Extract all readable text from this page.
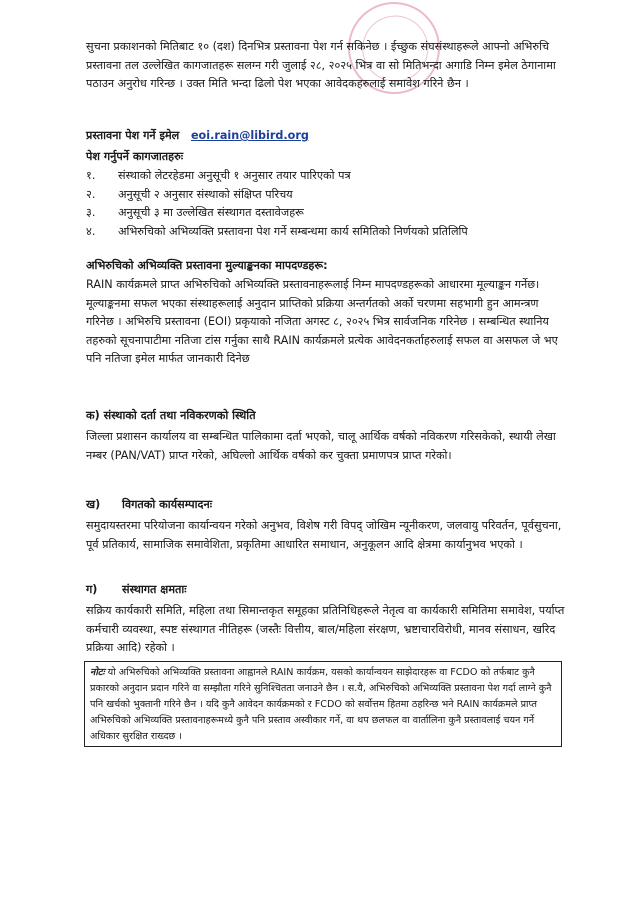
सुचना प्रकाशनको मितिबाट १० (दश) दिनभित्र प्रस्तावना पेश गर्न सकिनेछ । ईच्छुक संघसंस्थाहरूले आफ्नो अभिरुचि प्रस्तावना तल उल्लेखित कागजातहरू सलग्न गरी जुलाई २८, २०२५ भित्र वा सो मितिभन्दा अगाडि निम्न इमेल ठेगानामा पठाउन अनुरोध गरिन्छ । उक्त मिति भन्दा ढिलो पेश भएका आवेदकहरुलाई समावेश गरिने छैन ।

प्रस्तावना पेश गर्ने इमेल eoi.rain@libird.org

पेश गर्नुपर्ने कागजातहरुः

१. संस्थाको लेटरहेडमा अनुसूची १ अनुसार तयार पारिएको पत्र
२. अनुसूची २ अनुसार संस्थाको संक्षिप्त परिचय
३. अनुसूची ३ मा उल्लेखित संस्थागत दस्तावेजहरू
४. अभिरुचिको अभिव्यक्ति प्रस्तावना पेश गर्ने सम्बन्धमा कार्य समितिको निर्णयको प्रतिलिपि

अभिरुचिको अभिव्यक्ति प्रस्तावना मुल्याङ्कनका मापदण्डहरू:

RAIN कार्यक्रमले प्राप्त अभिरुचिको अभिव्यक्ति प्रस्तावनाहरूलाई निम्न मापदण्डहरूको आधारमा मूल्याङ्कन गर्नेछ। मूल्याङ्कनमा सफल भएका संस्थाहरूलाई अनुदान प्राप्तिको प्रक्रिया अन्तर्गतको अर्को चरणमा सहभागी हुन आमन्त्रण गरिनेछ । अभिरुचि प्रस्तावना (EOI) प्रकृयाको नजिता अगस्ट ८, २०२५ भित्र सार्वजनिक गरिनेछ । सम्बन्धित स्थानिय तहरुको सूचनापाटीमा नतिजा टांस गर्नुका साथै RAIN कार्यक्रमले प्रत्येक आवेदनकर्ताहरुलाई सफल वा असफल जे भए पनि नतिजा इमेल मार्फत जानकारी दिनेछ

क) संस्थाको दर्ता तथा नविकरणको स्थिति

जिल्ला प्रशासन कार्यालय वा सम्बन्धित पालिकामा दर्ता भएको, चालू आर्थिक वर्षको नविकरण गरिसकेको, स्थायी लेखा नम्बर (PAN/VAT) प्राप्त गरेको, अघिल्लो आर्थिक वर्षको कर चुक्ता प्रमाणपत्र प्राप्त गरेको।

ख) विगतको कार्यसम्पादनः

समुदायस्तरमा परियोजना कार्यान्वयन गरेको अनुभव, विशेष गरी विपद् जोखिम न्यूनीकरण, जलवायु परिवर्तन, पूर्वसुचना, पूर्व प्रतिकार्य, सामाजिक समावेशिता, प्रकृतिमा आधारित समाधान, अनुकूलन आदि क्षेत्रमा कार्यानुभव भएको ।

ग) संस्थागत क्षमताः

सक्रिय कार्यकारी समिति, महिला तथा सिमान्तकृत समूहका प्रतिनिधिहरूले नेतृत्व वा कार्यकारी समितिमा समावेश, पर्याप्त कर्मचारी व्यवस्था, स्पष्ट संस्थागत नीतिहरू (जस्तैः वित्तीय, बाल/महिला संरक्षण, भ्रष्टाचारविरोधी, मानव संसाधन, खरिद प्रक्रिया आदि) रहेको ।

नोटः यो अभिरुचिको अभिव्यक्ति प्रस्तावना आह्वानले RAIN कार्यक्रम, यसको कार्यान्वयन साझेदारहरू वा FCDO को तर्फबाट कुनै प्रकारको अनुदान प्रदान गरिने वा सम्झौता गरिने सुनिश्चितता जनाउने छैन । स.यै, अभिरुचिको अभिव्यक्ति प्रस्तावना पेश गर्दा लाग्ने कुनै पनि खर्चको भुक्तानी गरिने छैन । यदि कुनै आवेदन कार्यक्रमको र FCDO को सर्वोत्तम हितमा ठहरिन्छ भने RAIN कार्यक्रमले प्राप्त अभिरुचिको अभिव्यक्ति प्रस्तावनाहरूमध्ये कुनै पनि प्रस्ताव अस्वीकार गर्ने, वा थप छलफल वा वार्तालिना कुनै प्रस्तावलाई चयन गर्ने अधिकार सुरक्षित राख्दछ ।
